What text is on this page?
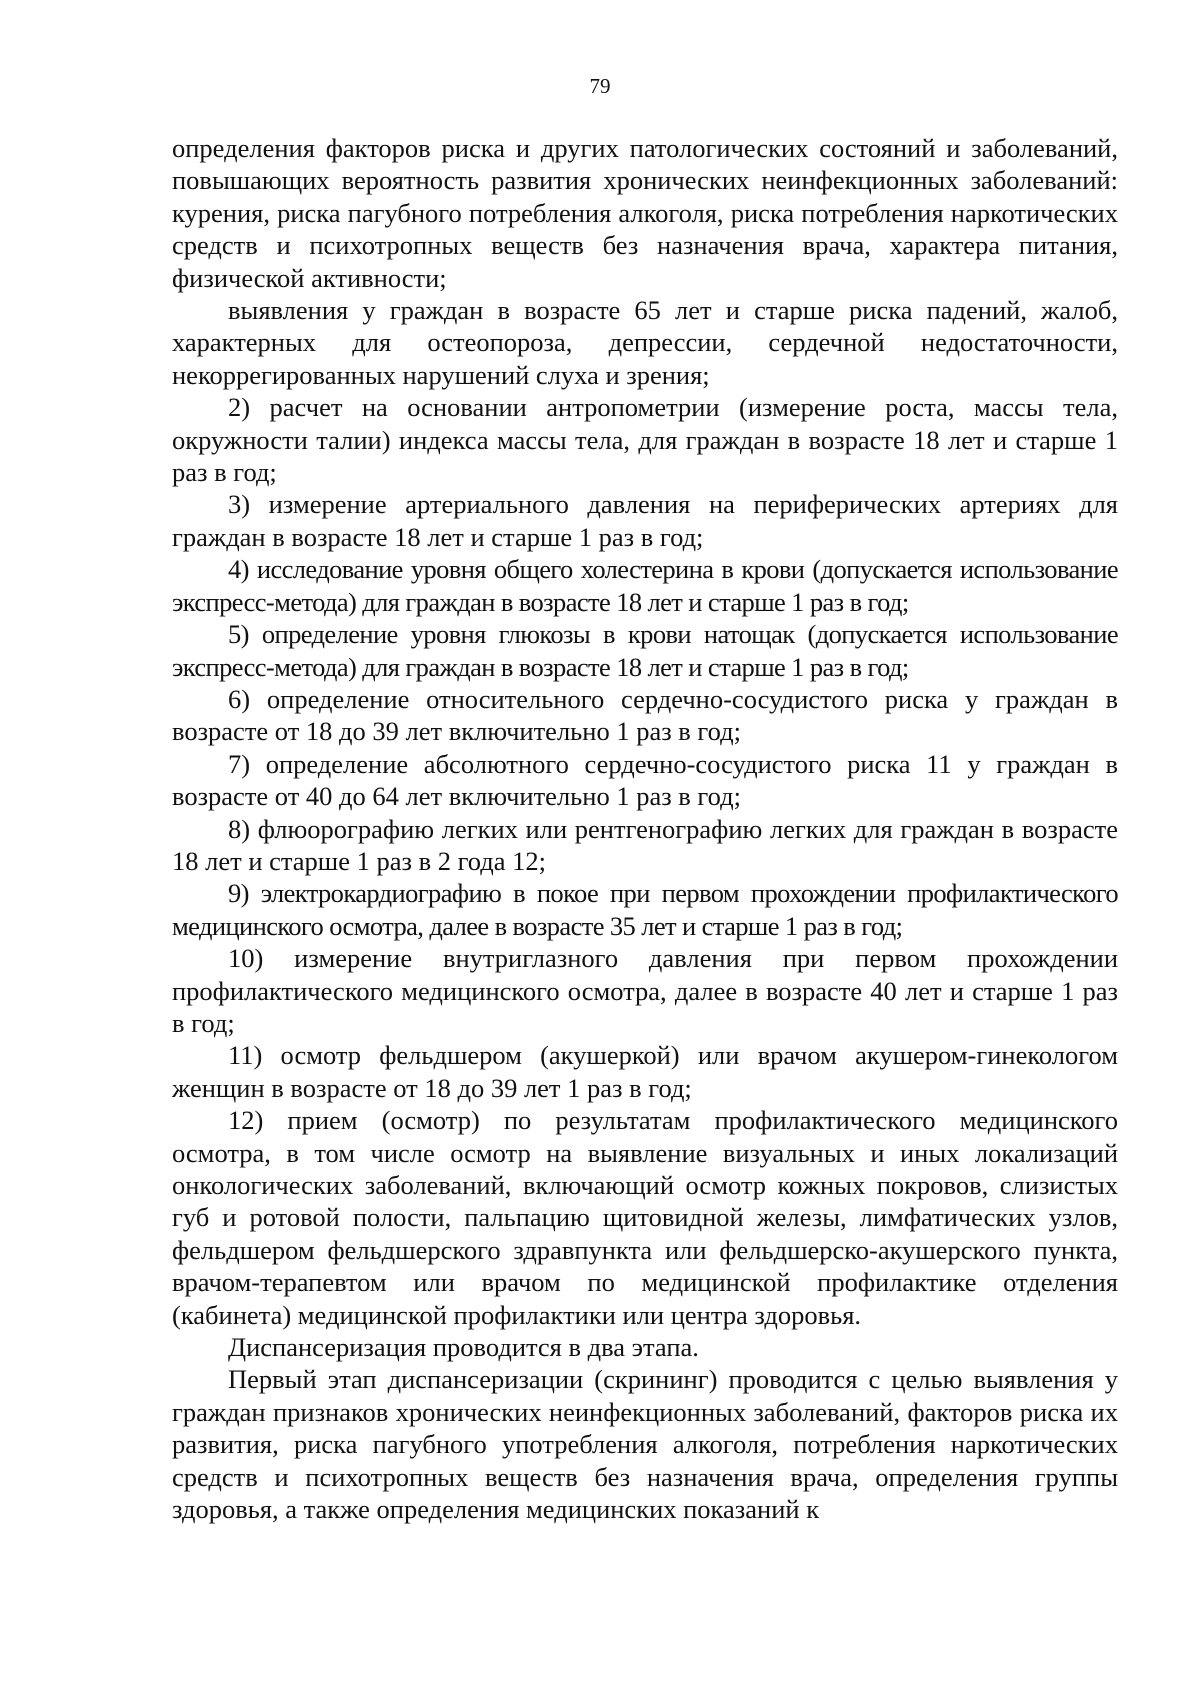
79

определения факторов риска и других патологических состояний и заболеваний, повышающих вероятность развития хронических неинфекционных заболеваний: курения, риска пагубного потребления алкоголя, риска потребления наркотических средств и психотропных веществ без назначения врача, характера питания, физической активности;

выявления у граждан в возрасте 65 лет и старше риска падений, жалоб, характерных для остеопороза, депрессии, сердечной недостаточности, некоррегированных нарушений слуха и зрения;

2) расчет на основании антропометрии (измерение роста, массы тела, окружности талии) индекса массы тела, для граждан в возрасте 18 лет и старше 1 раз в год;

3) измерение артериального давления на периферических артериях для граждан в возрасте 18 лет и старше 1 раз в год;

4) исследование уровня общего холестерина в крови (допускается использование экспресс-метода) для граждан в возрасте 18 лет и старше 1 раз в год;

5) определение уровня глюкозы в крови натощак (допускается использование экспресс-метода) для граждан в возрасте 18 лет и старше 1 раз в год;

6) определение относительного сердечно-сосудистого риска у граждан в возрасте от 18 до 39 лет включительно 1 раз в год;

7) определение абсолютного сердечно-сосудистого риска 11 у граждан в возрасте от 40 до 64 лет включительно 1 раз в год;

8) флюорографию легких или рентгенографию легких для граждан в возрасте 18 лет и старше 1 раз в 2 года 12;

9) электрокардиографию в покое при первом прохождении профилактического медицинского осмотра, далее в возрасте 35 лет и старше 1 раз в год;

10) измерение внутриглазного давления при первом прохождении профилактического медицинского осмотра, далее в возрасте 40 лет и старше 1 раз в год;

11) осмотр фельдшером (акушеркой) или врачом акушером-гинекологом женщин в возрасте от 18 до 39 лет 1 раз в год;

12) прием (осмотр) по результатам профилактического медицинского осмотра, в том числе осмотр на выявление визуальных и иных локализаций онкологических заболеваний, включающий осмотр кожных покровов, слизистых губ и ротовой полости, пальпацию щитовидной железы, лимфатических узлов, фельдшером фельдшерского здравпункта или фельдшерско-акушерского пункта, врачом-терапевтом или врачом по медицинской профилактике отделения (кабинета) медицинской профилактики или центра здоровья.

Диспансеризация проводится в два этапа.

Первый этап диспансеризации (скрининг) проводится с целью выявления у граждан признаков хронических неинфекционных заболеваний, факторов риска их развития, риска пагубного употребления алкоголя, потребления наркотических средств и психотропных веществ без назначения врача, определения группы здоровья, а также определения медицинских показаний к
